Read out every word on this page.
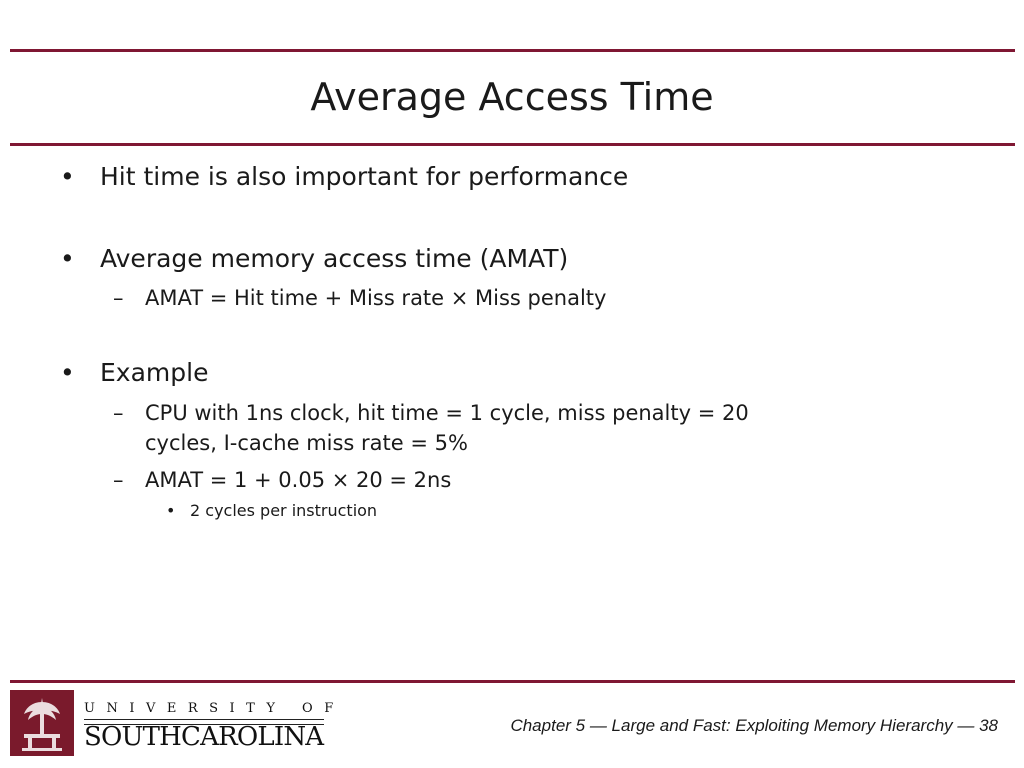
Average Access Time
• Hit time is also important for performance
• Average memory access time (AMAT)
– AMAT = Hit time + Miss rate × Miss penalty
• Example
– CPU with 1ns clock, hit time = 1 cycle, miss penalty = 20
cycles, I-cache miss rate = 5%
– AMAT = 1 + 0.05 × 20 = 2ns
• 2 cycles per instruction
UNIVERSITY OF
SOUTHCAROLINA	Chapter 5 — Large and Fast: Exploiting Memory Hierarchy — 38
